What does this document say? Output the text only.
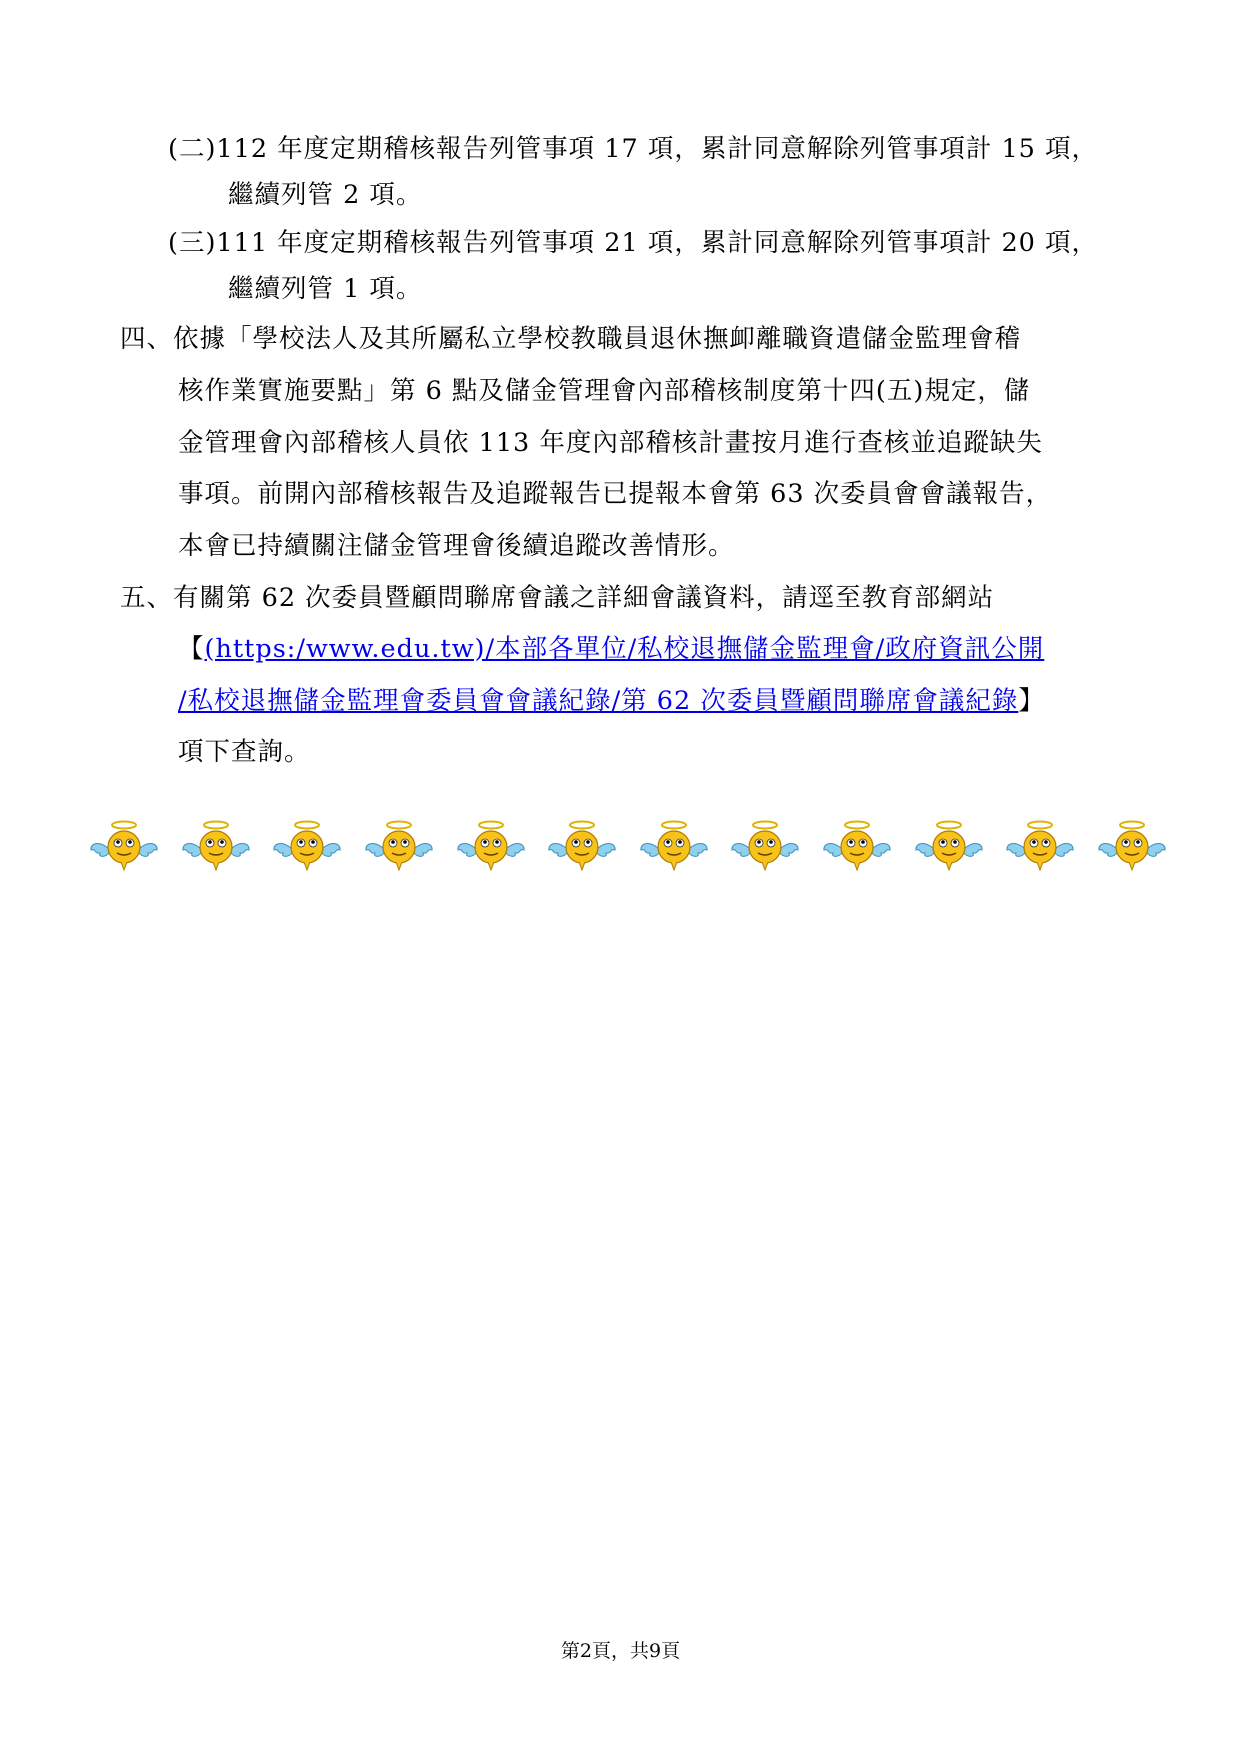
(二)112 年度定期稽核報告列管事項 17 項，累計同意解除列管事項計 15 項，
繼續列管 2 項。
(三)111 年度定期稽核報告列管事項 21 項，累計同意解除列管事項計 20 項，
繼續列管 1 項。
四、依據「學校法人及其所屬私立學校教職員退休撫卹離職資遣儲金監理會稽
核作業實施要點」第 6 點及儲金管理會內部稽核制度第十四(五)規定，儲
金管理會內部稽核人員依 113 年度內部稽核計畫按月進行查核並追蹤缺失
事項。前開內部稽核報告及追蹤報告已提報本會第 63 次委員會會議報告，
本會已持續關注儲金管理會後續追蹤改善情形。
五、有關第 62 次委員暨顧問聯席會議之詳細會議資料，請逕至教育部網站
【(https:/www.edu.tw)/本部各單位/私校退撫儲金監理會/政府資訊公開
/私校退撫儲金監理會委員會會議紀錄/第 62 次委員暨顧問聯席會議紀錄】
項下查詢。
第2頁，共9頁
